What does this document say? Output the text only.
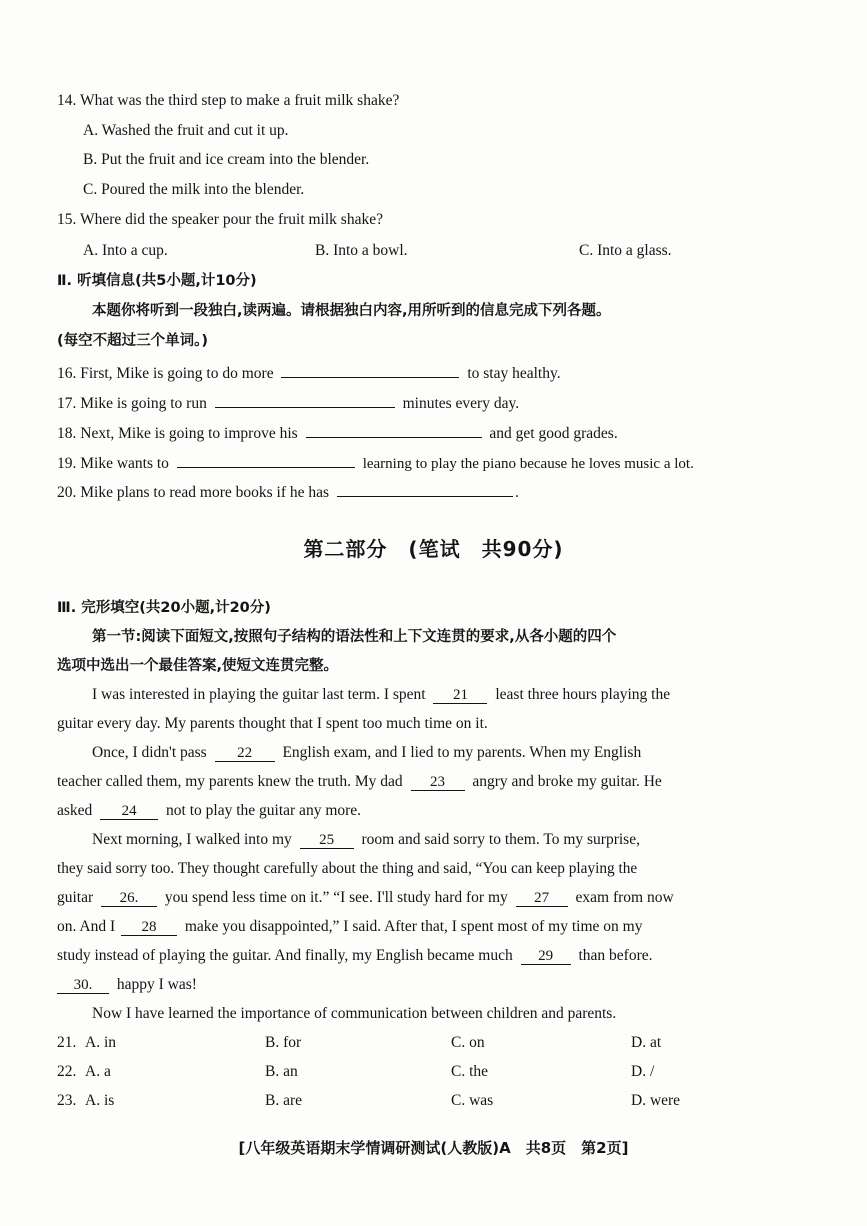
14. What was the third step to make a fruit milk shake?
A. Washed the fruit and cut it up.
B. Put the fruit and ice cream into the blender.
C. Poured the milk into the blender.
15. Where did the speaker pour the fruit milk shake?
A. Into a cup.	B. Into a bowl.	C. Into a glass.
Ⅱ. 听填信息(共5小题,计10分)
本题你将听到一段独白,读两遍。请根据独白内容,用所听到的信息完成下列各题。
(每空不超过三个单词。)
16. First, Mike is going to do more	to stay healthy.
17. Mike is going to run	minutes every day.
18. Next, Mike is going to improve his	and get good grades.
19. Mike wants to	learning to play the piano because he loves music a lot.
20. Mike plans to read more books if he has	.
第二部分　(笔试　共90分)
Ⅲ. 完形填空(共20小题,计20分)
第一节:阅读下面短文,按照句子结构的语法性和上下文连贯的要求,从各小题的四个
选项中选出一个最佳答案,使短文连贯完整。
I was interested in playing the guitar last term. I spent 21 least three hours playing the
guitar every day. My parents thought that I spent too much time on it.
Once, I didn't pass 22 English exam, and I lied to my parents. When my English
teacher called them, my parents knew the truth. My dad 23 angry and broke my guitar. He
asked 24 not to play the guitar any more.
Next morning, I walked into my 25 room and said sorry to them. To my surprise,
they said sorry too. They thought carefully about the thing and said, “You can keep playing the
guitar 26. you spend less time on it.” “I see. I'll study hard for my 27 exam from now
on. And I 28 make you disappointed,” I said. After that, I spent most of my time on my
study instead of playing the guitar. And finally, my English became much 29 than before.
30. happy I was!
Now I have learned the importance of communication between children and parents.
21. A. in	B. for	C. on	D. at
22. A. a	B. an	C. the	D. /
23. A. is	B. are	C. was	D. were
[八年级英语期末学情调研测试(人教版)A　共8页　第2页]
